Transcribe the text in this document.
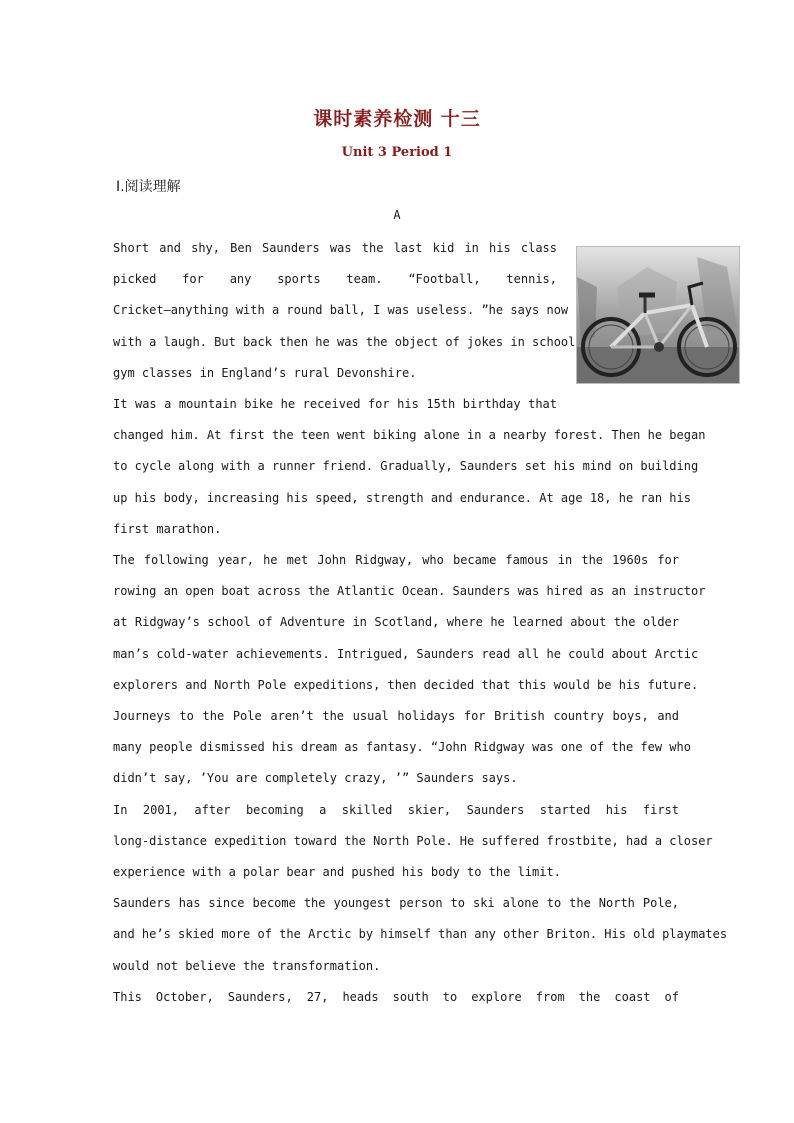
课时素养检测 十三
Unit 3 Period 1
Ⅰ.阅读理解
A
Short and shy, Ben Saunders was the last kid in his class
picked for any sports team. “Football, tennis,
Cricket—anything with a round ball, I was useless. ”he says now
with a laugh. But back then he was the object of jokes in school
gym classes in England’s rural Devonshire.
It was a mountain bike he received for his 15th birthday that
changed him. At first the teen went biking alone in a nearby forest. Then he began
to cycle along with a runner friend. Gradually, Saunders set his mind on building
up his body, increasing his speed, strength and endurance. At age 18, he ran his
first marathon.
The following year, he met John Ridgway, who became famous in the 1960s for
rowing an open boat across the Atlantic Ocean. Saunders was hired as an instructor
at Ridgway’s school of Adventure in Scotland, where he learned about the older
man’s cold-water achievements. Intrigued, Saunders read all he could about Arctic
explorers and North Pole expeditions, then decided that this would be his future.
Journeys to the Pole aren’t the usual holidays for British country boys, and
many people dismissed his dream as fantasy. “John Ridgway was one of the few who
didn’t say, ’You are completely crazy, ’” Saunders says.
In 2001, after becoming a skilled skier, Saunders started his first
long-distance expedition toward the North Pole. He suffered frostbite, had a closer
experience with a polar bear and pushed his body to the limit.
Saunders has since become the youngest person to ski alone to the North Pole,
and he’s skied more of the Arctic by himself than any other Briton. His old playmates
would not believe the transformation.
This October, Saunders, 27, heads south to explore from the coast of
